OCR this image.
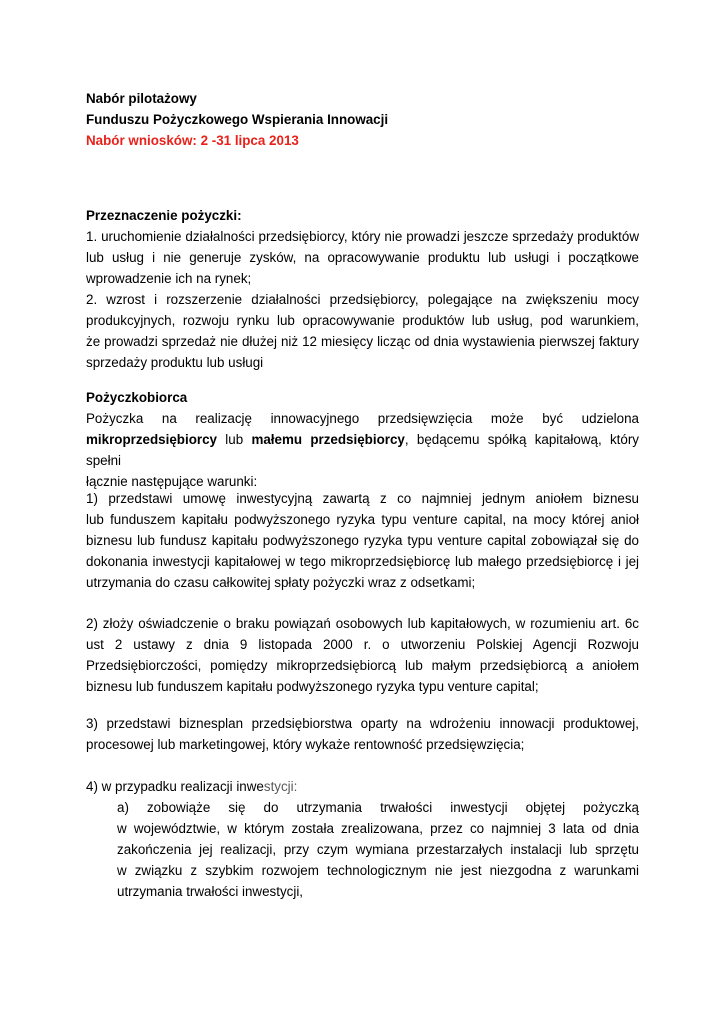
Nabór pilotażowy
Funduszu Pożyczkowego Wspierania Innowacji
Nabór wniosków: 2 -31 lipca 2013
Przeznaczenie pożyczki:
1. uruchomienie działalności przedsiębiorcy, który nie prowadzi jeszcze sprzedaży produktów
lub usług i nie generuje zysków, na opracowywanie produktu lub usługi i początkowe
wprowadzenie ich na rynek;
2. wzrost i rozszerzenie działalności przedsiębiorcy, polegające na zwiększeniu mocy
produkcyjnych, rozwoju rynku lub opracowywanie produktów lub usług, pod warunkiem,
że prowadzi sprzedaż nie dłużej niż 12 miesięcy licząc od dnia wystawienia pierwszej faktury
sprzedaży produktu lub usługi
Pożyczkobiorca
Pożyczka na realizację innowacyjnego przedsięwzięcia może być udzielona
mikroprzedsiębiorcy lub małemu przedsiębiorcy, będącemu spółką kapitałową, który spełni
łącznie następujące warunki:
1) przedstawi umowę inwestycyjną zawartą z co najmniej jednym aniołem biznesu
lub funduszem kapitału podwyższonego ryzyka typu venture capital, na mocy której anioł
biznesu lub fundusz kapitału podwyższonego ryzyka typu venture capital zobowiązał się do
dokonania inwestycji kapitałowej w tego mikroprzedsiębiorcę lub małego przedsiębiorcę i jej
utrzymania do czasu całkowitej spłaty pożyczki wraz z odsetkami;
2) złoży oświadczenie o braku powiązań osobowych lub kapitałowych, w rozumieniu art. 6c
ust 2 ustawy z dnia 9 listopada 2000 r. o utworzeniu Polskiej Agencji Rozwoju
Przedsiębiorczości, pomiędzy mikroprzedsiębiorcą lub małym przedsiębiorcą a aniołem
biznesu lub funduszem kapitału podwyższonego ryzyka typu venture capital;
3) przedstawi biznesplan przedsiębiorstwa oparty na wdrożeniu innowacji produktowej,
procesowej lub marketingowej, który wykaże rentowność przedsięwzięcia;
4) w przypadku realizacji inwestycji:
a) zobowiąże się do utrzymania trwałości inwestycji objętej pożyczką
w województwie, w którym została zrealizowana, przez co najmniej 3 lata od dnia
zakończenia jej realizacji, przy czym wymiana przestarzałych instalacji lub sprzętu
w związku z szybkim rozwojem technologicznym nie jest niezgodna z warunkami
utrzymania trwałości inwestycji,
